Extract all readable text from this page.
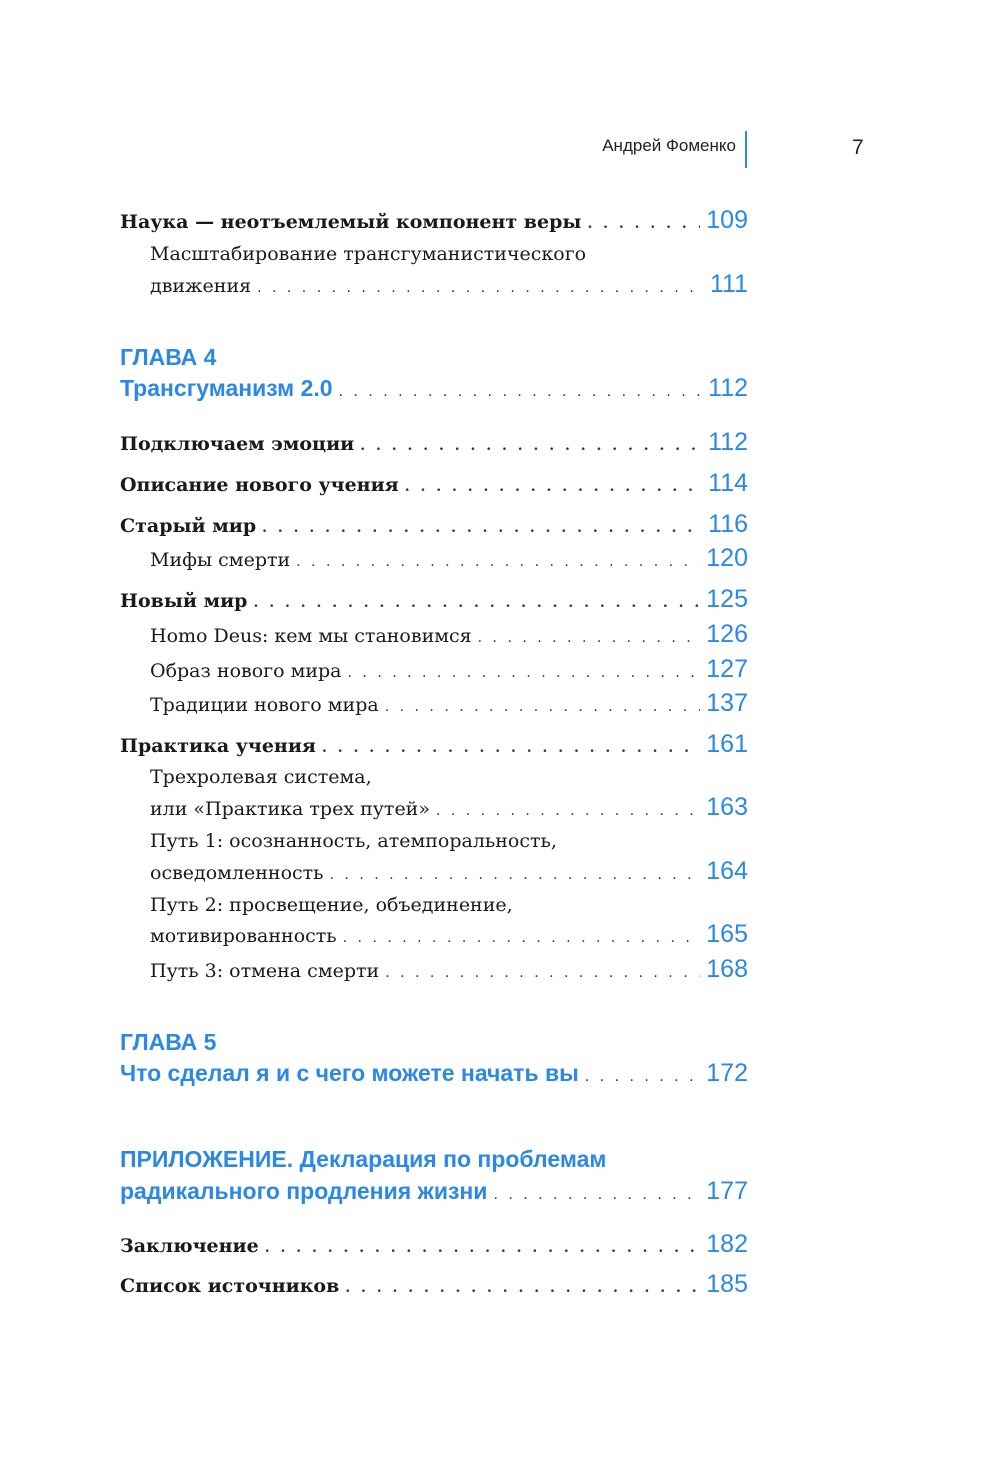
Андрей Фоменко	7
Наука — неотъемлемый компонент веры . . .	109
Масштабирование трансгуманистического
движения . . .	111
ГЛАВА 4
Трансгуманизм 2.0 . . .	112
Подключаем эмоции . . .	112
Описание нового учения . . .	114
Старый мир . . .	116
Мифы смерти . . .	120
Новый мир . . .	125
Homo Deus: кем мы становимся . . .	126
Образ нового мира . . .	127
Традиции нового мира . . .	137
Практика учения . . .	161
Трехролевая система,
или «Практика трех путей» . . .	163
Путь 1: осознанность, атемпоральность,
осведомленность . . .	164
Путь 2: просвещение, объединение,
мотивированность . . .	165
Путь 3: отмена смерти . . .	168
ГЛАВА 5
Что сделал я и с чего можете начать вы . . .	172
ПРИЛОЖЕНИЕ. Декларация по проблемам
радикального продления жизни . . .	177
Заключение . . .	182
Список источников . . .	185
